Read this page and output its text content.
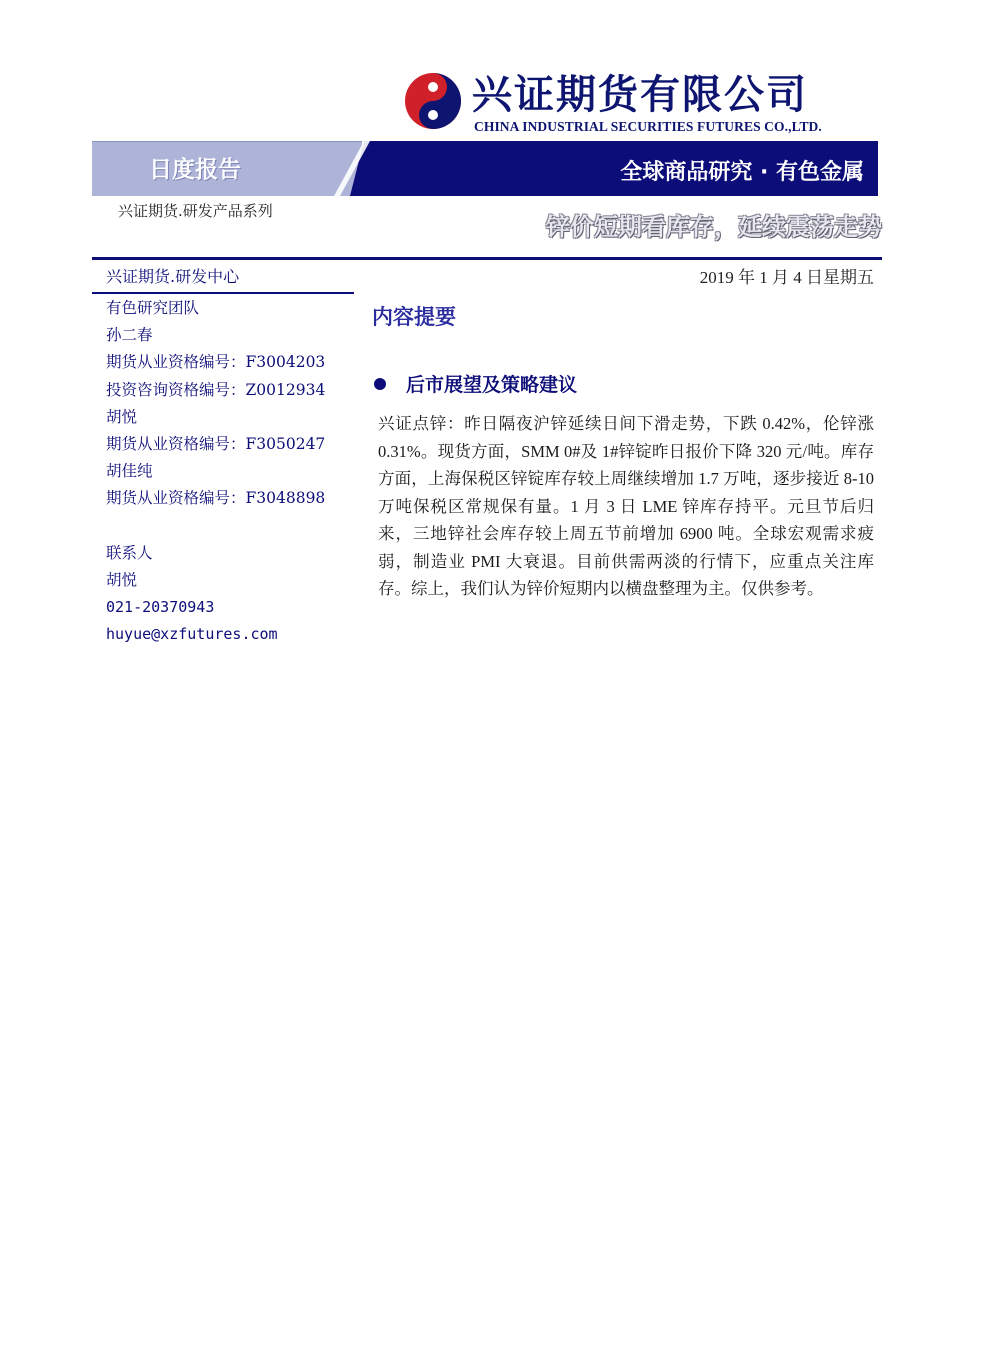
兴证期货有限公司
CHINA INDUSTRIAL SECURITIES FUTURES CO.,LTD.
日度报告	全球商品研究 · 有色金属
兴证期货.研发产品系列
锌价短期看库存，延续震荡走势
兴证期货.研发中心
有色研究团队
孙二春
期货从业资格编号：F3004203
投资咨询资格编号：Z0012934
胡悦
期货从业资格编号：F3050247
胡佳纯
期货从业资格编号：F3048898
联系人
胡悦
021-20370943
huyue@xzfutures.com
2019 年 1 月 4 日星期五
内容提要
后市展望及策略建议
兴证点锌：昨日隔夜沪锌延续日间下滑走势，下跌 0.42%，伦锌涨 0.31%。现货方面，SMM 0#及 1#锌锭昨日报价下降 320 元/吨。库存方面，上海保税区锌锭库存较上周继续增加 1.7 万吨，逐步接近 8-10 万吨保税区常规保有量。1 月 3 日 LME 锌库存持平。元旦节后归来，三地锌社会库存较上周五节前增加 6900 吨。全球宏观需求疲弱，制造业 PMI 大衰退。目前供需两淡的行情下，应重点关注库存。综上，我们认为锌价短期内以横盘整理为主。仅供参考。
